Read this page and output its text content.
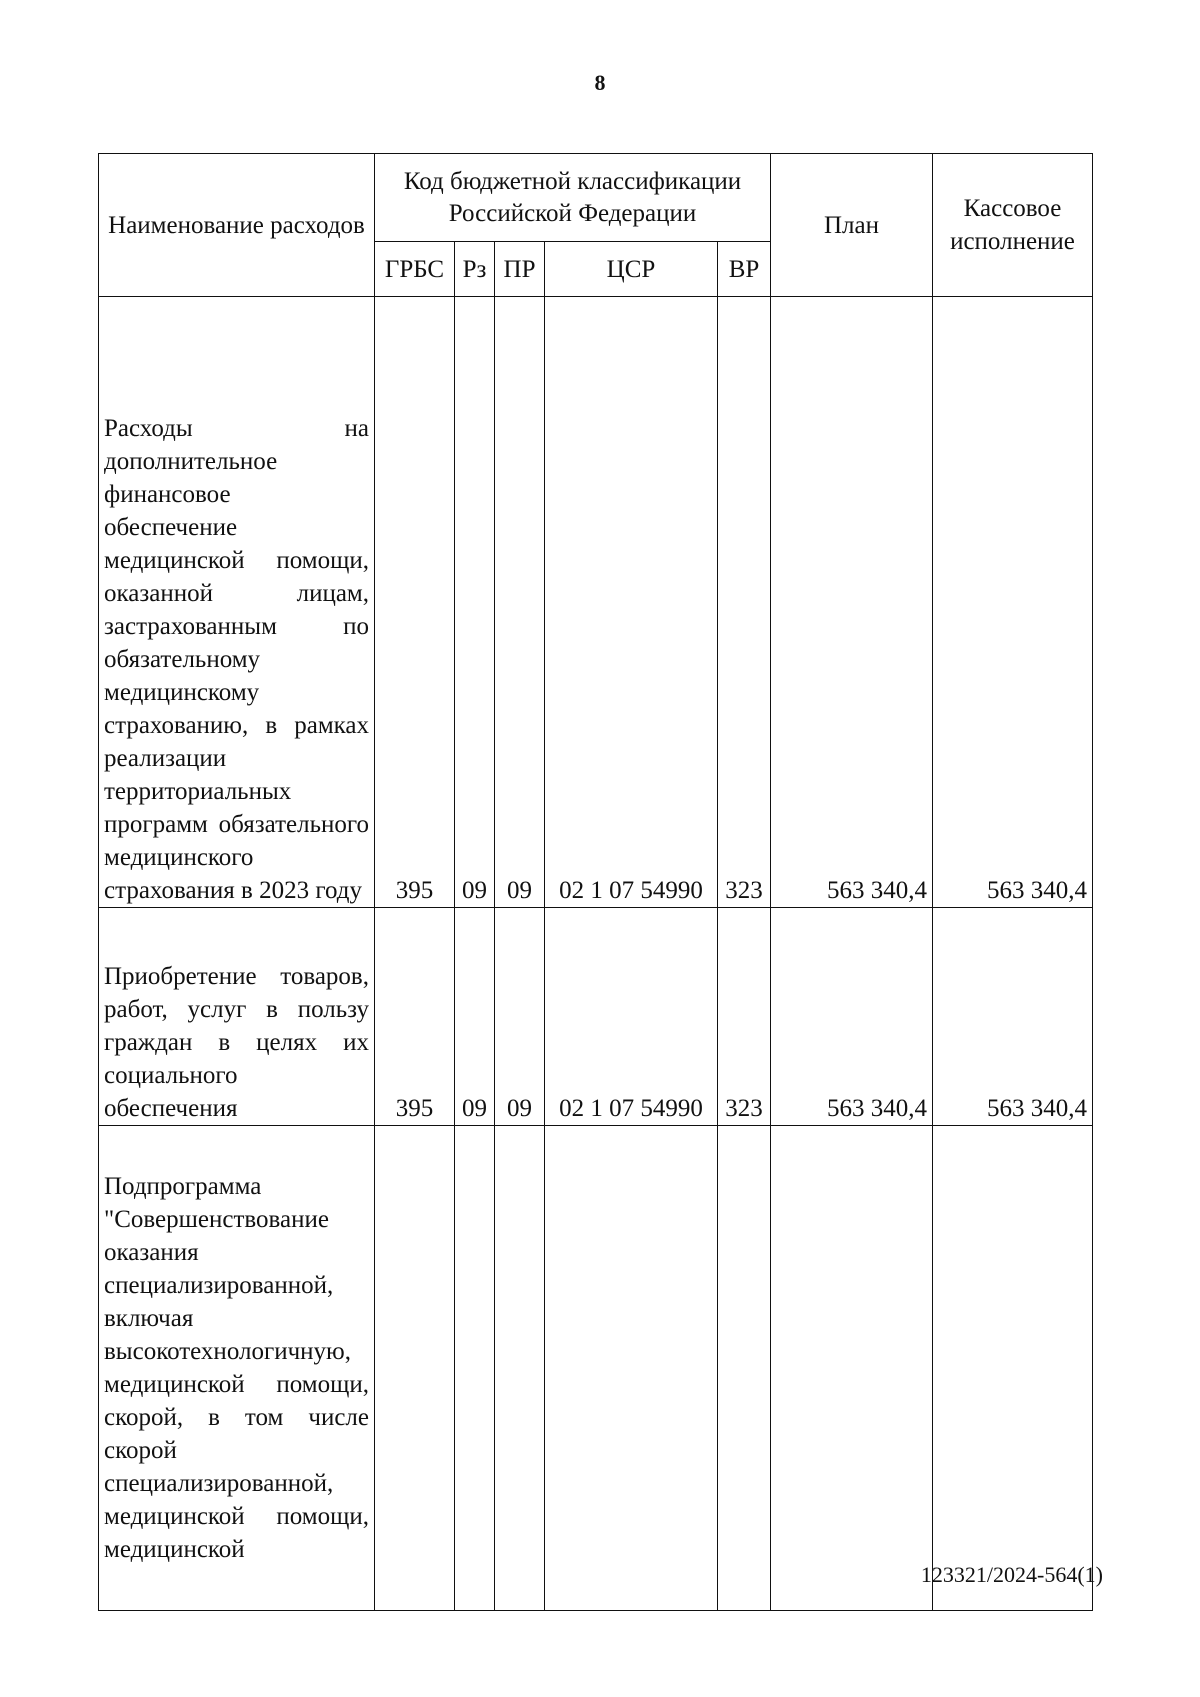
8
Наименование расходов	Код бюджетной классификации Российской Федерации					План	Кассовое исполнение
	ГРБС	Рз	ПР	ЦСР	ВР		
Расходы на дополнительное финансовое обеспечение медицинской помощи, оказанной лицам, застрахованным по обязательному медицинскому страхованию, в рамках реализации территориальных программ обязательного медицинского страхования в 2023 году	395	09	09	02 1 07 54990	323	563 340,4	563 340,4
Приобретение товаров, работ, услуг в пользу граждан в целях их социального обеспечения	395	09	09	02 1 07 54990	323	563 340,4	563 340,4
Подпрограмма "Совершенствование оказания специализированной, включая высокотехнологичную, медицинской помощи, скорой, в том числе скорой специализированной, медицинской помощи, медицинской							
123321/2024-564(1)
